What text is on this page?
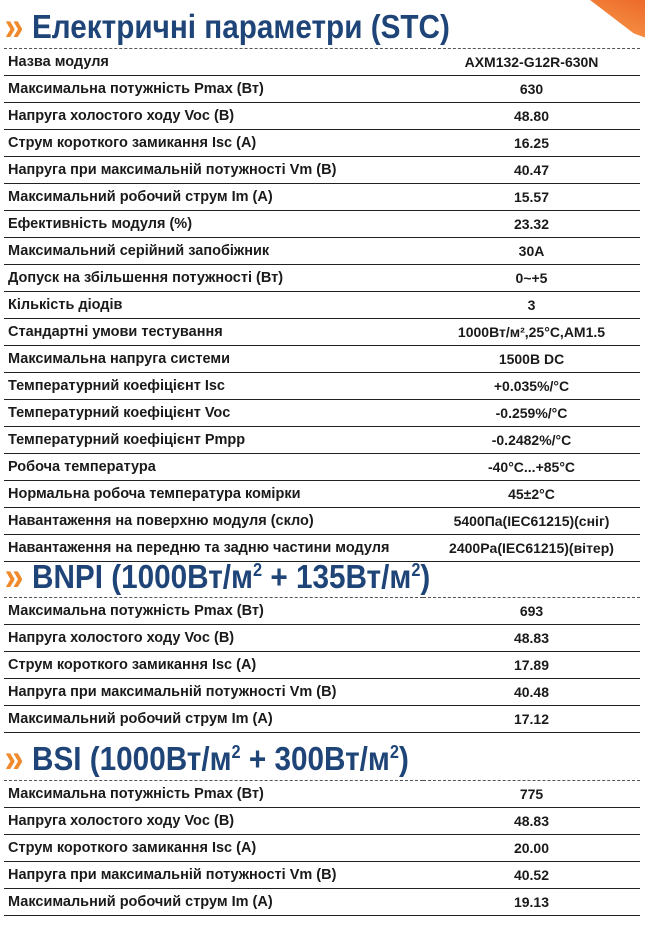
» Електричні параметри (STC)
Назва модуля	AXM132-G12R-630N
Максимальна потужність Pmax (Вт)	630
Напруга холостого ходу Voc (В)	48.80
Струм короткого замикання Isc (А)	16.25
Напруга при максимальній потужності Vm (В)	40.47
Максимальний робочий струм Im (A)	15.57
Ефективність модуля (%)	23.32
Максимальний серійний запобіжник	30A
Допуск на збільшення потужності (Вт)	0~+5
Кількість діодів	3
Стандартні умови тестування	1000Вт/м²,25°C,AM1.5
Максимальна напруга системи	1500B DC
Температурний коефіцієнт Isc	+0.035%/°C
Температурний коефіцієнт Voc	-0.259%/°C
Температурний коефіцієнт Pmpp	-0.2482%/°C
Робоча температура	-40°C...+85°C
Нормальна робоча температура комірки	45±2°C
Навантаження на поверхню модуля (скло)	5400Па(IEC61215)(сніг)
Навантаження на передню та задню частини модуля	2400Pa(IEC61215)(вітер)
» BNPI $(1000Вт/м^2 + 135Вт/м^2)$
Максимальна потужність Pmax (Вт)	693
Напруга холостого ходу Voc (В)	48.83
Струм короткого замикання Isc (А)	17.89
Напруга при максимальній потужності Vm (В)	40.48
Максимальний робочий струм Im (A)	17.12
» BSI $(1000Вт/м^2 + 300Вт/м^2)$
Максимальна потужність Pmax (Вт)	775
Напруга холостого ходу Voc (В)	48.83
Струм короткого замикання Isc (А)	20.00
Напруга при максимальній потужності Vm (В)	40.52
Максимальний робочий струм Im (A)	19.13
